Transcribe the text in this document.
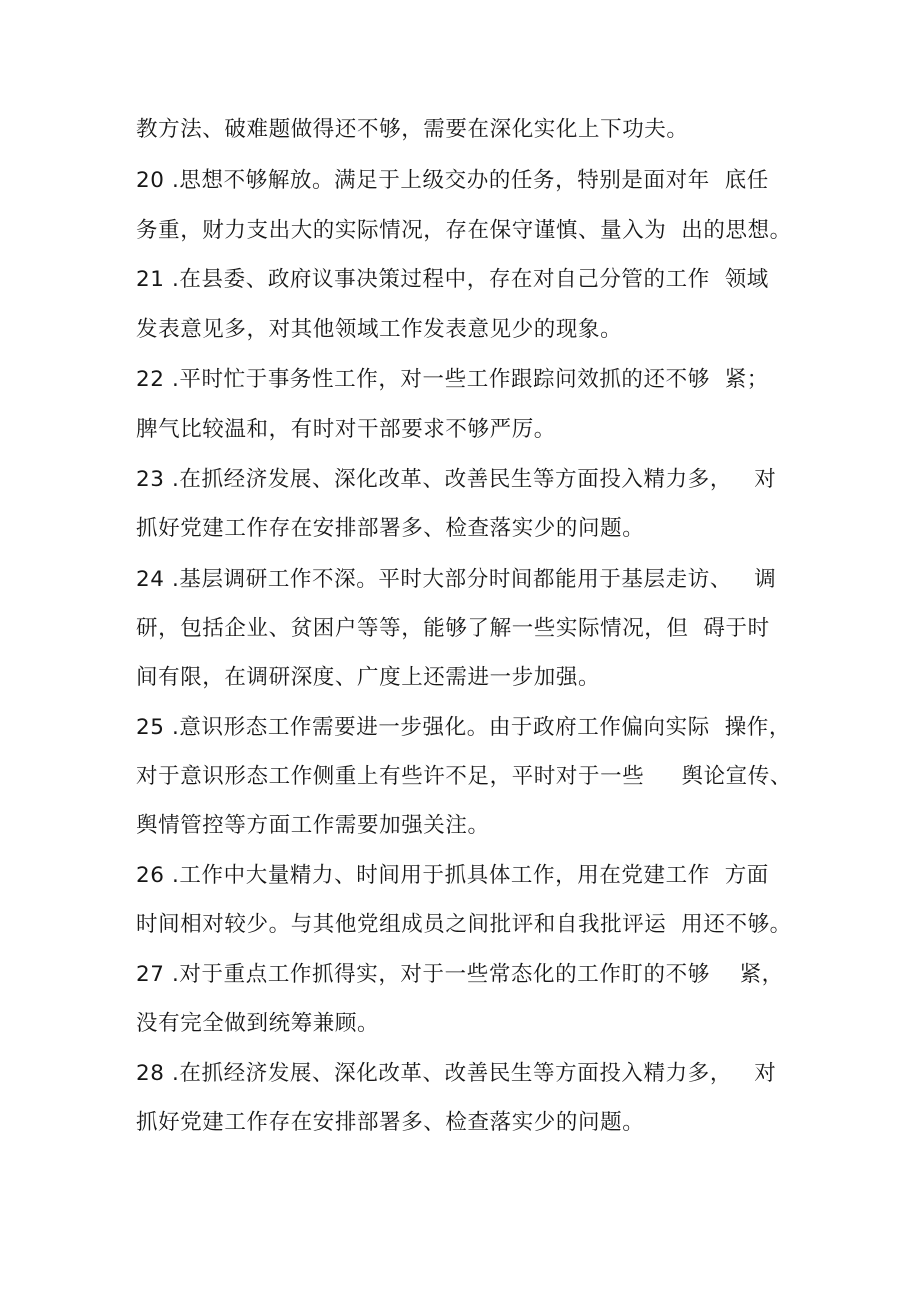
教方法、破难题做得还不够，需要在深化实化上下功夫。
20 .思想不够解放。满足于上级交办的任务，特别是面对年  底任
务重，财力支出大的实际情况，存在保守谨慎、量入为  出的思想。
21 .在县委、政府议事决策过程中，存在对自己分管的工作  领域
发表意见多，对其他领域工作发表意见少的现象。
22 .平时忙于事务性工作，对一些工作跟踪问效抓的还不够  紧；
脾气比较温和，有时对干部要求不够严厉。
23 .在抓经济发展、深化改革、改善民生等方面投入精力多，   对
抓好党建工作存在安排部署多、检查落实少的问题。
24 .基层调研工作不深。平时大部分时间都能用于基层走访、   调
研，包括企业、贫困户等等，能够了解一些实际情况，但  碍于时
间有限，在调研深度、广度上还需进一步加强。
25 .意识形态工作需要进一步强化。由于政府工作偏向实际  操作，
对于意识形态工作侧重上有些许不足，平时对于一些     舆论宣传、
舆情管控等方面工作需要加强关注。
26 .工作中大量精力、时间用于抓具体工作，用在党建工作  方面
时间相对较少。与其他党组成员之间批评和自我批评运  用还不够。
27 .对于重点工作抓得实，对于一些常态化的工作盯的不够    紧，
没有完全做到统筹兼顾。
28 .在抓经济发展、深化改革、改善民生等方面投入精力多，   对
抓好党建工作存在安排部署多、检查落实少的问题。
